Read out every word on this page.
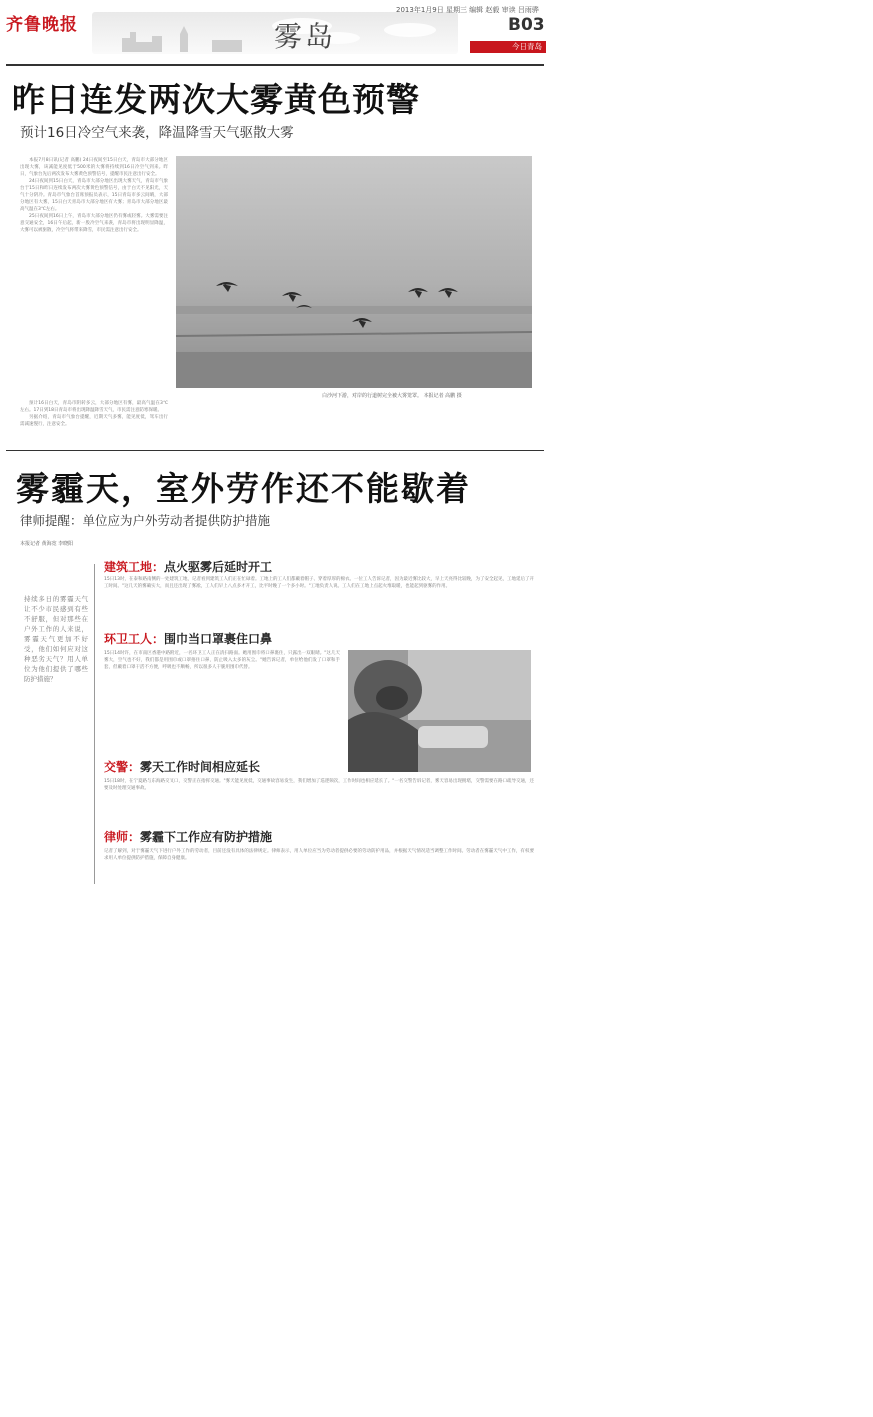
齐鲁晚报	雾岛
2013年1月9日 星期三 编辑 赵毅 审读 吕雨骅
B03
今日青岛
昨日连发两次大雾黄色预警
预计16日冷空气来袭，降温降雪天气驱散大雾

本报7月8日讯(记者 高鹏) 24日夜间至15日白天，青岛市大部分地区出现大雾，该减能见度低于500米的大雾将持续到16日冷空气到来。昨日，气象台先后两次发布大雾黄色预警信号，提醒市民注意出行安全。

24日夜间到15日白天，青岛市大部分地区出现大雾天气，青岛市气象台于15日和昨日连续发布两次大雾黄色预警信号，由于白天不见阳光，天气十分阴冷。青岛市气象台首席预报员表示，15日青岛市多云间晴，大部分地区有大雾，15日白天青岛市大部分地区有大雾；青岛市大部分地区最高气温在3℃左右。

25日夜间到16日上午，青岛市大部分地区仍有雾或轻雾。大雾需要注意交通安全，16日午后起，新一股冷空气来袭，青岛市将出现明显降温，大雾可以被驱散，冷空气将带来降雪，市民需注意出行安全。

预计16日白天，青岛市阴转多云，大部分地区有雾，最高气温在3℃左右。17日到18日青岛市将出现降温降雪天气，市民需注意防寒保暖。

另据介绍，青岛市气象台提醒，近期天气多雾，能见度低，驾车出行需减速慢行，注意安全。

白沙河下游，对岸的行道树完全被大雾笼罩。 本报记者 高鹏 摄
雾霾天，室外劳作还不能歇着
律师提醒：单位应为户外劳动者提供防护措施
本报记者 黄海宽 李晓阳
持续多日的雾霾天气让不少市民感到有些不舒服，但对那些在户外工作的人来说，雾霾天气更加不好受，他们如何应对这种恶劣天气？用人单位为他们提供了哪些防护措施？
建筑工地：点火驱雾后延时开工
15日13时，在泰和路南侧的一处建筑工地，记者看到建筑工人们正在忙碌着。工地上的工人们都戴着帽子、穿着厚厚的棉衣。一位工人告诉记者，因为最近雾比较大，早上天亮得比较晚，为了安全起见，工地延后了开工时间。"这几天的雾确实大，而且还出现了雾凇，工人们早上八点多才开工，比平时晚了一个多小时。"工地负责人说。工人们在工地上点起火堆取暖，也能起到驱雾的作用。
环卫工人：围巾当口罩裹住口鼻
15日14时许，在市南区香港中路附近，一名环卫工人正在清扫路面。她用围巾将口鼻裹住，只露出一双眼睛。"这几天雾大，空气也不好，我们都是用围巾或口罩捂住口鼻，防止吸入太多的灰尘。"她告诉记者，单位给他们发了口罩和手套，但戴着口罩干活不方便，呼吸也不顺畅，所以很多人干脆用围巾代替。
15日，一名环卫工人在街头清扫路面，她用围巾裹住了口鼻。 本报记者 黄海宽 摄
交警：雾天工作时间相应延长
15日18时，在宁夏路与东海路交叉口，交警正在指挥交通。"雾天能见度低，交通事故容易发生，我们增加了巡逻频次，工作时间也相应延长了。"一名交警告诉记者，雾天容易出现拥堵，交警需要在路口疏导交通，还要及时处理交通事故。
律师：雾霾下工作应有防护措施
记者了解到，对于雾霾天气下进行户外工作的劳动者，目前还没有具体的法律规定。律师表示，用人单位应当为劳动者提供必要的劳动防护用品，并根据天气情况适当调整工作时间。劳动者在雾霾天气中工作，有权要求用人单位提供防护措施，保障自身健康。
